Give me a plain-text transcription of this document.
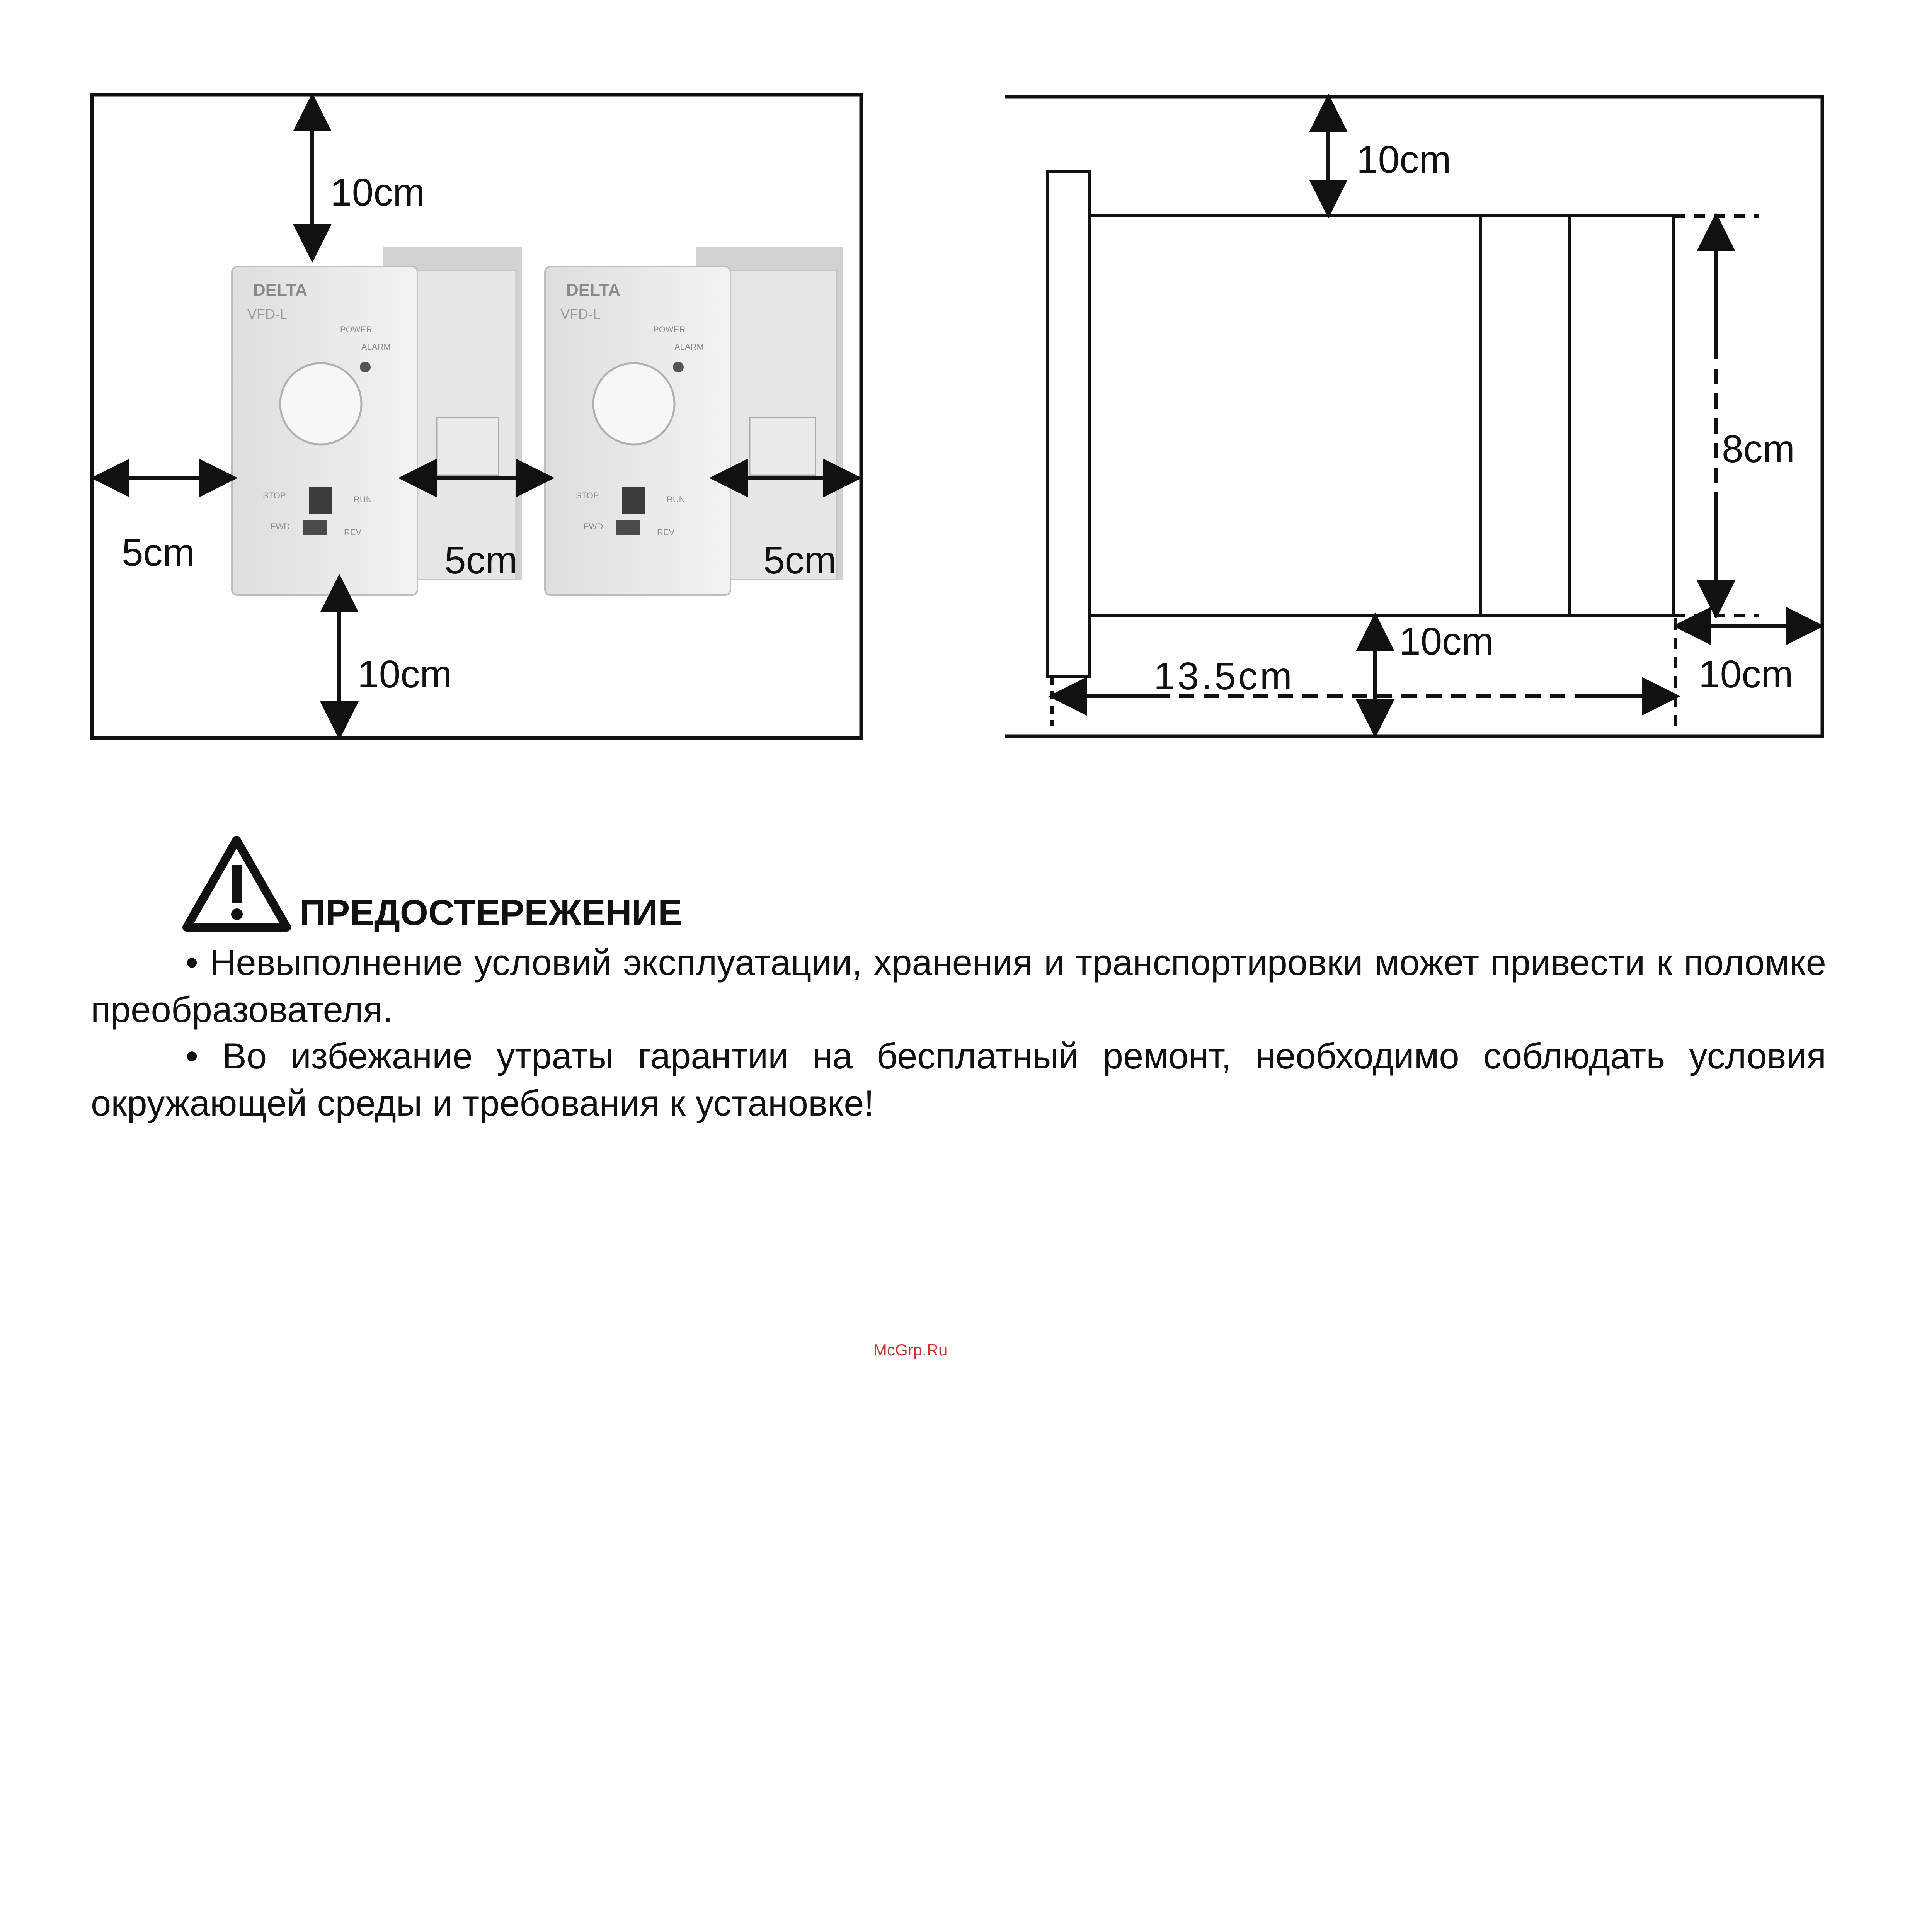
DELTA
VFD-L
POWER
ALARM
STOP	RUN
FWD
REV
DELTA
VFD-L
POWER
ALARM
STOP	RUN
FWD
REV
10cm
5cm	5cm	5cm
10cm
10cm
8cm
10cm
13.5cm	10cm
ПРЕДОСТЕРЕЖЕНИЕ
• Невыполнение условий эксплуатации, хранения и транспортировки может привести к поломке преобразователя.
• Во избежание утраты гарантии на бесплатный ремонт, необходимо соблюдать условия окружающей среды и требования к установке!
McGrp.Ru
